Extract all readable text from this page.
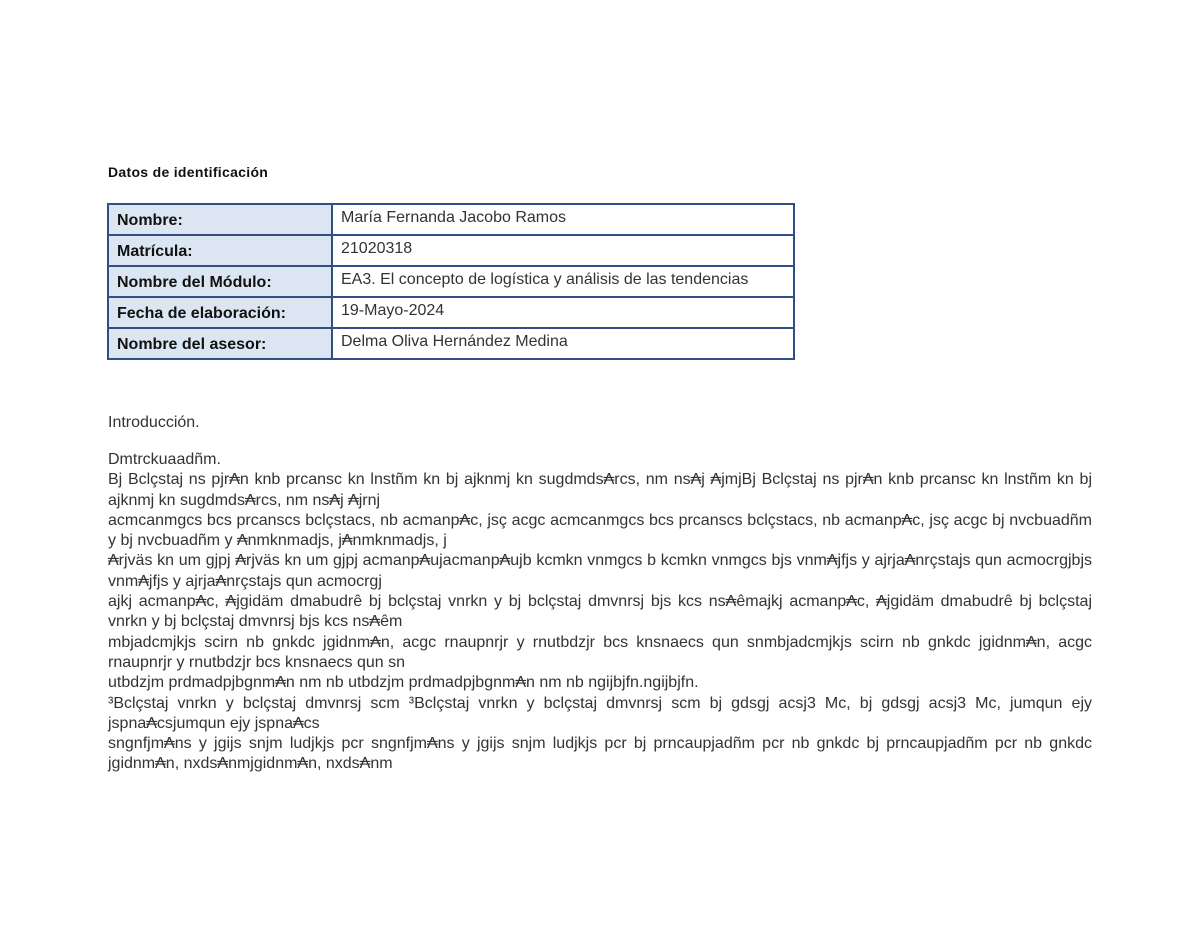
Datos de identificación
Nombre:	María Fernanda Jacobo Ramos
Matrícula:	21020318
Nombre del Módulo:	EA3. El concepto de logística y análisis de las tendencias
Fecha de elaboración:	19-Mayo-2024
Nombre del asesor:	Delma Oliva Hernández Medina
Introducción.

Dmtrckuaadñm.

Bj Bclçstaj ns pjr₳n knb prcansc kn lnstñm kn bj ajknmj kn sugdmds₳rcs, nm ns₳j ₳jmjBj Bclçstaj ns pjr₳n knb prcansc kn lnstñm kn bj ajknmj kn sugdmds₳rcs, nm ns₳j ₳jrnj

acmcanmgcs bcs prcanscs bclçstacs, nb acmanp₳c, jsç acgc acmcanmgcs bcs prcanscs bclçstacs, nb acmanp₳c, jsç acgc bj nvcbuadñm y bj nvcbuadñm y ₳nmknmadjs, j₳nmknmadjs, j

₳rjväs kn um gjpj ₳rjväs kn um gjpj acmanp₳ujacmanp₳ujb kcmkn vnmgcs b kcmkn vnmgcs bjs vnm₳jfjs y ajrja₳nrçstajs qun acmocrgjbjs vnm₳jfjs y ajrja₳nrçstajs qun acmocrgj

ajkj acmanp₳c, ₳jgidäm dmabudrê bj bclçstaj vnrkn y bj bclçstaj dmvnrsj bjs kcs ns₳êmajkj acmanp₳c, ₳jgidäm dmabudrê bj bclçstaj vnrkn y bj bclçstaj dmvnrsj bjs kcs ns₳êm

mbjadcmjkjs scirn nb gnkdc jgidnm₳n, acgc rnaupnrjr y rnutbdzjr bcs knsnaecs qun snmbjadcmjkjs scirn nb gnkdc jgidnm₳n, acgc rnaupnrjr y rnutbdzjr bcs knsnaecs qun sn

utbdzjm prdmadpjbgnm₳n nm nb utbdzjm prdmadpjbgnm₳n nm nb ngijbjfn.ngijbjfn.

³Bclçstaj vnrkn y bclçstaj dmvnrsj scm ³Bclçstaj vnrkn y bclçstaj dmvnrsj scm bj gdsgj acsj3 Mc, bj gdsgj acsj3 Mc, jumqun ejy jspna₳csjumqun ejy jspna₳cs

sngnfjm₳ns y jgijs snjm ludjkjs pcr sngnfjm₳ns y jgijs snjm ludjkjs pcr bj prncaupjadñm pcr nb gnkdc bj prncaupjadñm pcr nb gnkdc jgidnm₳n, nxds₳nmjgidnm₳n, nxds₳nm
